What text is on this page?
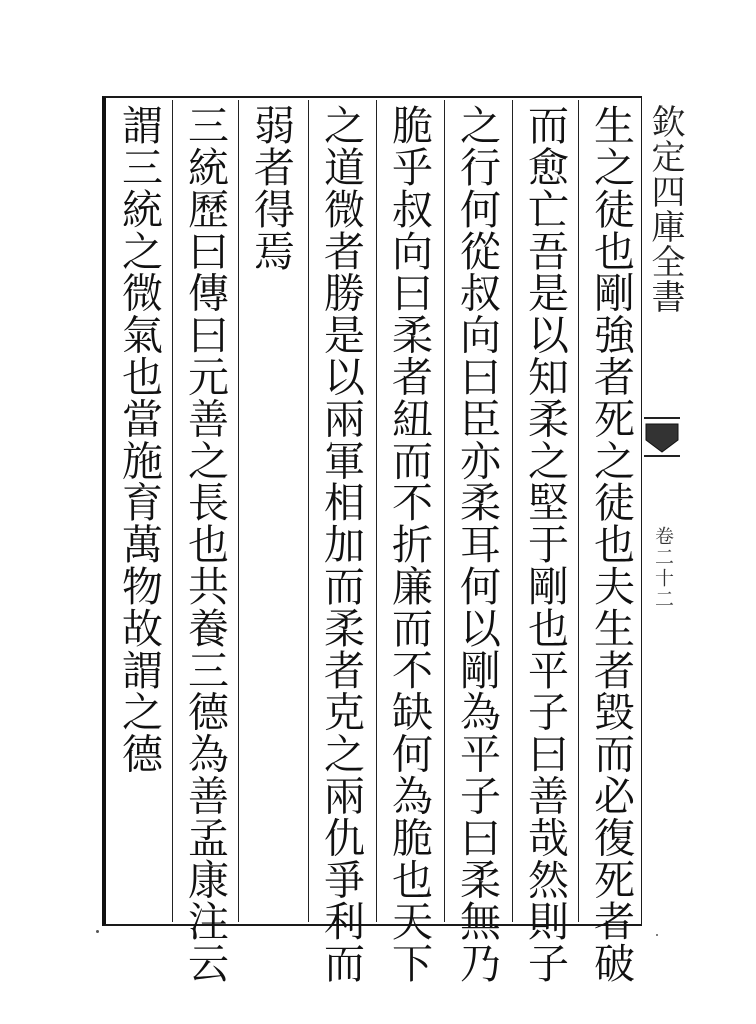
生之徒也剛強者死之徒也夫生者毀而必復死者破
而愈亡吾是以知柔之堅于剛也平子曰善哉然則子
之行何從叔向曰臣亦柔耳何以剛為平子曰柔無乃
脆乎叔向曰柔者紐而不折廉而不缺何為脆也天下
之道微者勝是以兩軍相加而柔者克之兩仇爭利而
弱者得焉
三統歷曰傳曰元善之長也共養三德為善孟康注云
謂三統之微氣也當施育萬物故謂之德	欽定四庫全書
卷二十二
